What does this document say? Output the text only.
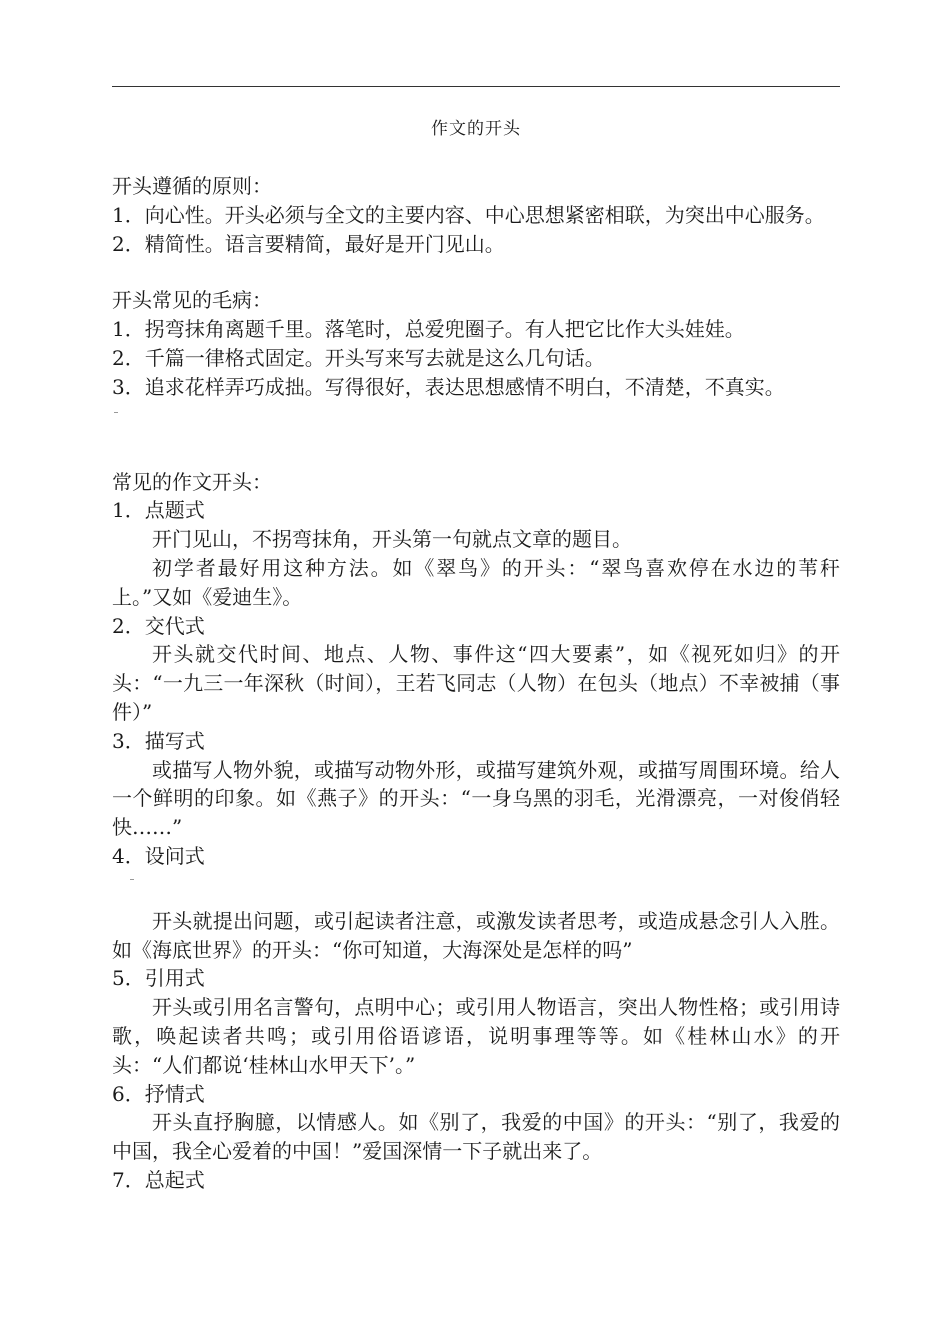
作文的开头

开头遵循的原则：

1．向心性。开头必须与全文的主要内容、中心思想紧密相联，为突出中心服务。

2．精简性。语言要精简，最好是开门见山。

开头常见的毛病：

1．拐弯抹角离题千里。落笔时，总爱兜圈子。有人把它比作大头娃娃。

2．千篇一律格式固定。开头写来写去就是这么几句话。

3．追求花样弄巧成拙。写得很好，表达思想感情不明白，不清楚，不真实。

常见的作文开头：

1．点题式

开门见山，不拐弯抹角，开头第一句就点文章的题目。

初学者最好用这种方法。如《翠鸟》的开头：“翠鸟喜欢停在水边的苇秆上。”又如《爱迪生》。

2．交代式

开头就交代时间、地点、人物、事件这“四大要素”，如《视死如归》的开头：“一九三一年深秋（时间），王若飞同志（人物）在包头（地点）不幸被捕（事件）”

3．描写式

或描写人物外貌，或描写动物外形，或描写建筑外观，或描写周围环境。给人一个鲜明的印象。如《燕子》的开头：“一身乌黑的羽毛，光滑漂亮，一对俊俏轻快……”

4．设问式

开头就提出问题，或引起读者注意，或激发读者思考，或造成悬念引人入胜。如《海底世界》的开头：“你可知道，大海深处是怎样的吗”

5．引用式

开头或引用名言警句，点明中心；或引用人物语言，突出人物性格；或引用诗歌，唤起读者共鸣；或引用俗语谚语，说明事理等等。如《桂林山水》的开头：“人们都说‘桂林山水甲天下’。”

6．抒情式

开头直抒胸臆，以情感人。如《别了，我爱的中国》的开头：“别了，我爱的中国，我全心爱着的中国！”爱国深情一下子就出来了。

7．总起式
